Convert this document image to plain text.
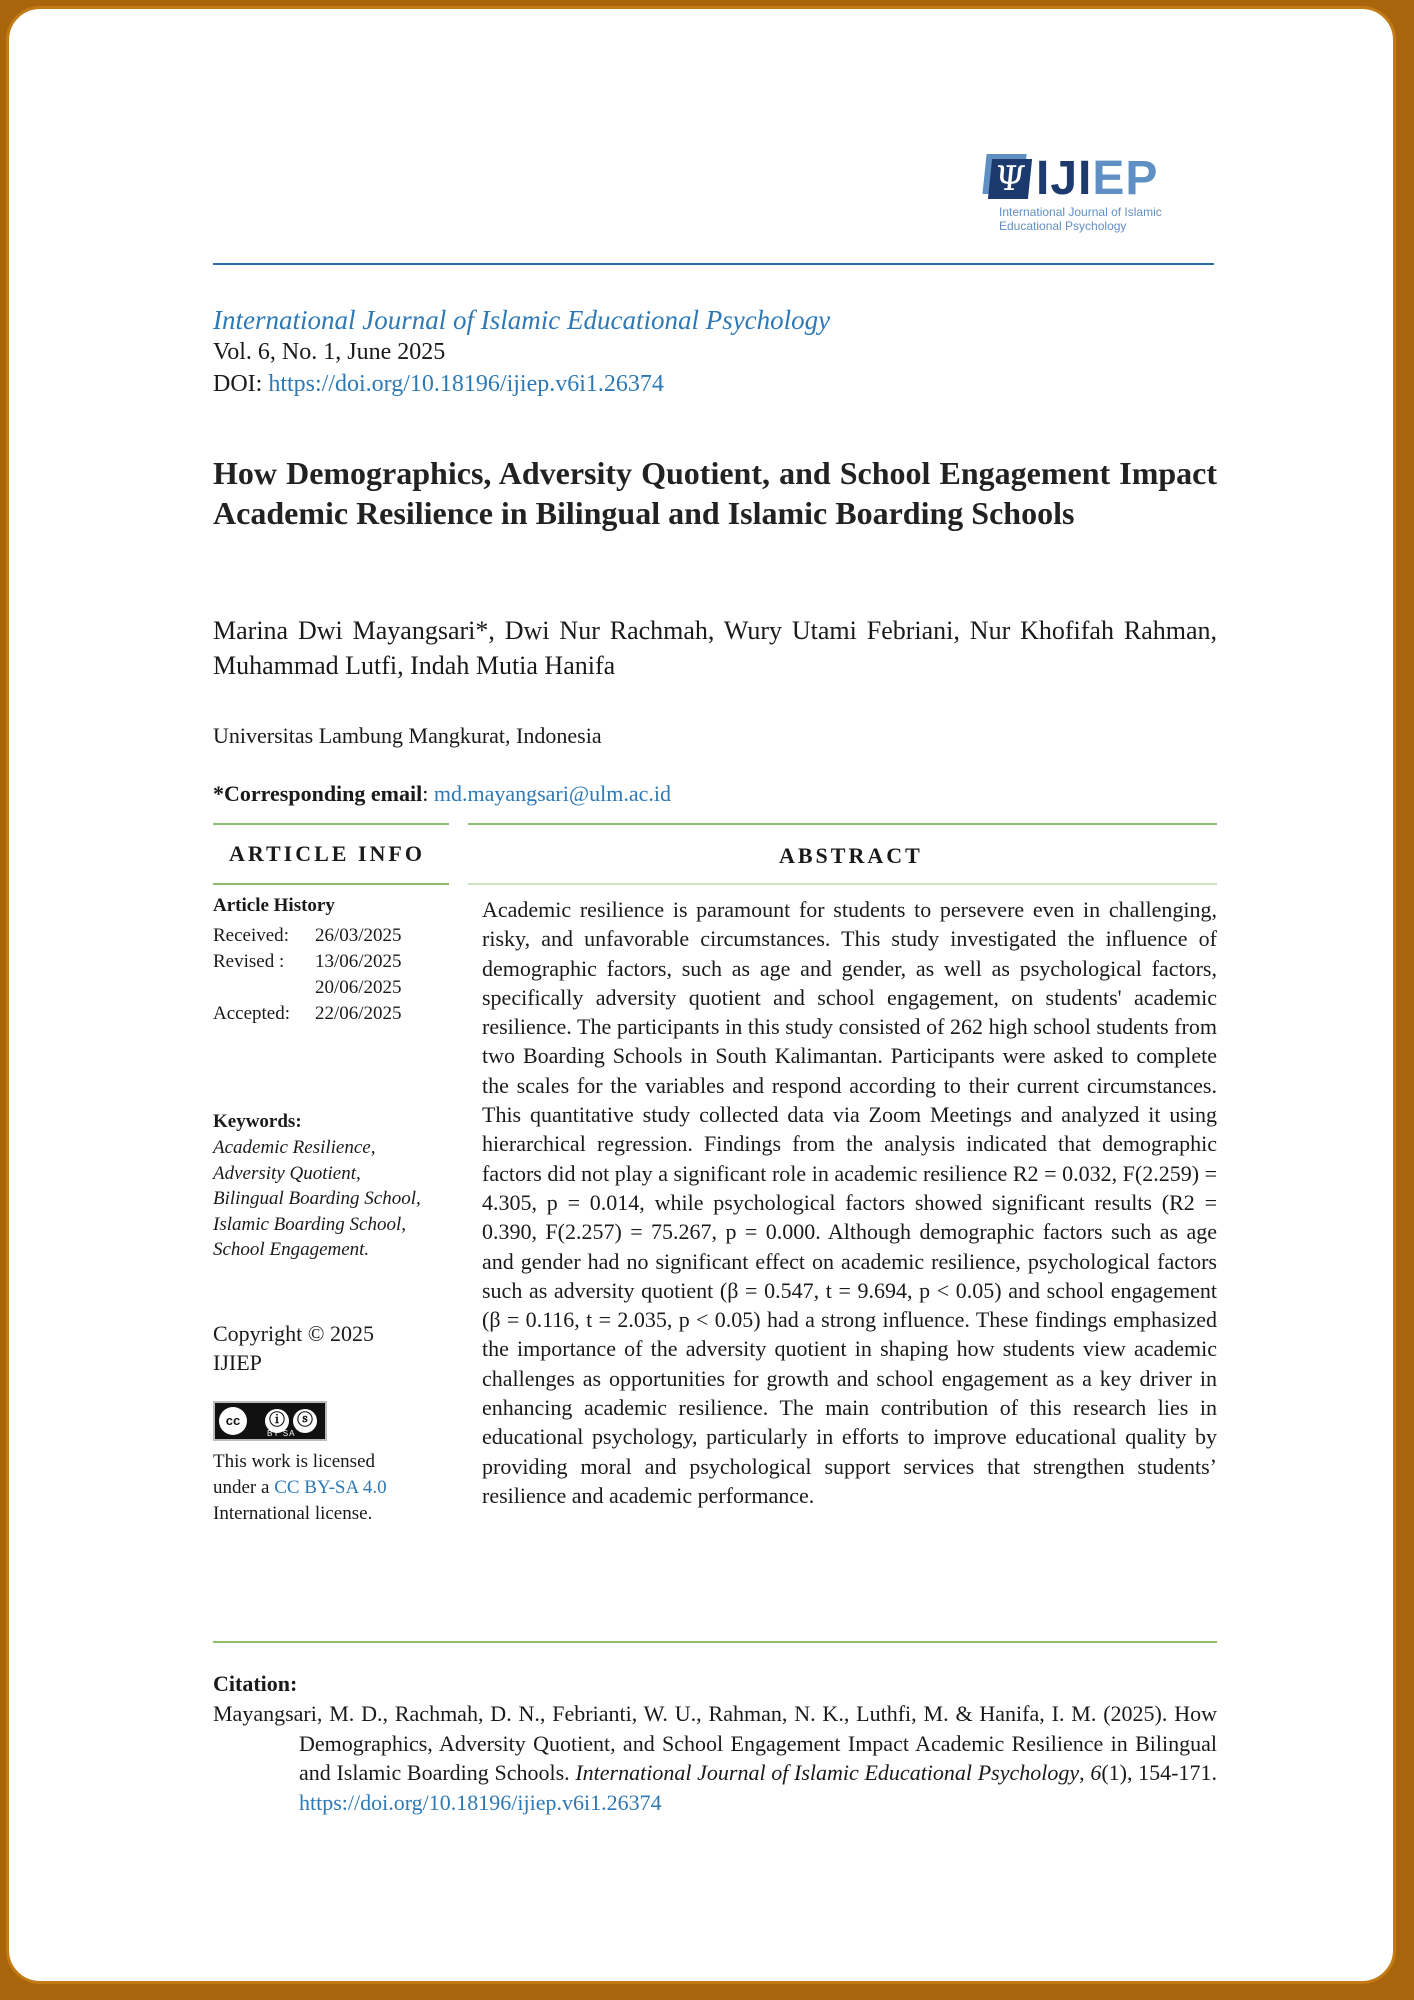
Ψ IJIEP
International Journal of Islamic
Educational Psychology
International Journal of Islamic Educational Psychology
Vol. 6, No. 1, June 2025
DOI: https://doi.org/10.18196/ijiep.v6i1.26374
How Demographics, Adversity Quotient, and School Engagement Impact Academic Resilience in Bilingual and Islamic Boarding Schools
Marina Dwi Mayangsari*, Dwi Nur Rachmah, Wury Utami Febriani, Nur Khofifah Rahman, Muhammad Lutfi, Indah Mutia Hanifa
Universitas Lambung Mangkurat, Indonesia
*Corresponding email: md.mayangsari@ulm.ac.id
ARTICLE INFO	ABSTRACT
Article History
Received:	26/03/2025
Revised :	13/06/2025
20/06/2025
Accepted:	22/06/2025
Keywords:
Academic Resilience,
Adversity Quotient,
Bilingual Boarding School,
Islamic Boarding School,
School Engagement.
Copyright © 2025
IJIEP
cc	ⓘ ⓢ
BY SA
This work is licensed
under a CC BY-SA 4.0
International license.
Academic resilience is paramount for students to persevere even in challenging, risky, and unfavorable circumstances. This study investigated the influence of demographic factors, such as age and gender, as well as psychological factors, specifically adversity quotient and school engagement, on students' academic resilience. The participants in this study consisted of 262 high school students from two Boarding Schools in South Kalimantan. Participants were asked to complete the scales for the variables and respond according to their current circumstances. This quantitative study collected data via Zoom Meetings and analyzed it using hierarchical regression. Findings from the analysis indicated that demographic factors did not play a significant role in academic resilience R2 = 0.032, F(2.259) = 4.305, p = 0.014, while psychological factors showed significant results (R2 = 0.390, F(2.257) = 75.267, p = 0.000. Although demographic factors such as age and gender had no significant effect on academic resilience, psychological factors such as adversity quotient (β = 0.547, t = 9.694, p < 0.05) and school engagement (β = 0.116, t = 2.035, p < 0.05) had a strong influence. These findings emphasized the importance of the adversity quotient in shaping how students view academic challenges as opportunities for growth and school engagement as a key driver in enhancing academic resilience. The main contribution of this research lies in educational psychology, particularly in efforts to improve educational quality by providing moral and psychological support services that strengthen students’ resilience and academic performance.
Citation:
Mayangsari, M. D., Rachmah, D. N., Febrianti, W. U., Rahman, N. K., Luthfi, M. & Hanifa, I. M. (2025). How Demographics, Adversity Quotient, and School Engagement Impact Academic Resilience in Bilingual and Islamic Boarding Schools. International Journal of Islamic Educational Psychology, 6(1), 154-171. https://doi.org/10.18196/ijiep.v6i1.26374
